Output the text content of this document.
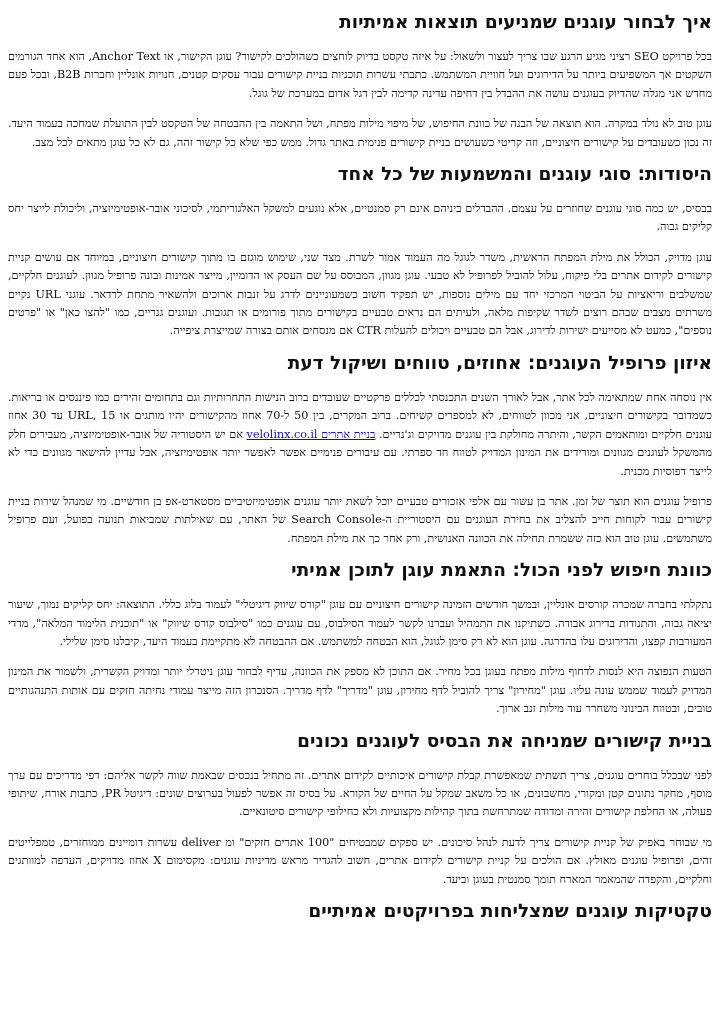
איך לבחור עוגנים שמניעים תוצאות אמיתיות

בכל פרויקט SEO רציני מגיע הרגע שבו צריך לעצור ולשאול: על איזה טקסט בדיוק לוחצים כשהולכים לקישור? עוגן הקישור, או Anchor Text, הוא אחד הגורמים השקטים אך המשפיעים ביותר על הדירוגים ועל חוויית המשתמש. כתבתי עשרות תוכניות בניית קישורים עבור עסקים קטנים, חנויות אונליין וחברות B2B, ובכל פעם מחדש אני מגלה שהדיוק בעוגנים עושה את ההבדל בין דחיפה עדינה קדימה לבין דגל אדום במערכת של גוגל.

עוגן טוב לא נולד במקרה. הוא תוצאה של הבנה של כוונת החיפוש, של מיפוי מילות מפתח, ושל התאמה בין ההבטחה של הטקסט לבין התועלת שמחכה בעמוד היעד. זה נכון כשעובדים על קישורים חיצוניים, וזה קריטי כשעושים בניית קישורים פנימית באתר גדול. ממש כפי שלא כל קישור זהה, גם לא כל עוגן מתאים לכל מצב.

היסודות: סוגי עוגנים והמשמעות של כל אחד

בבסיס, יש כמה סוגי עוגנים שחוזרים על עצמם. ההבדלים ביניהם אינם רק סמנטיים, אלא נוגעים למשקל האלגוריתמי, לסיכוני אובר-אופטימיזציה, וליכולת לייצר יחס קליקים גבוה.

עוגן מדויק, הכולל את מילת המפתח הראשית, משדר לגוגל מה העמוד אמור לשרת. מצד שני, שימוש מוגזם בו מתוך קישורים חיצוניים, במיוחד אם עושים קניית קישורים לקידום אתרים בלי פיקוח, עלול להוביל לפרופיל לא טבעי. עוגן מגוון, המבוסס על שם העסק או הדומיין, מייצר אמינות ובונה פרופיל מגוון. לעוגנים חלקיים, שמשלבים וריאציות על הביטוי המרכזי יחד עם מילים נוספות, יש תפקיד חשוב כשמעוניינים לדרג על זנבות ארוכים ולהשאיר מתחת לרדאר. עוגני URL נקיים משרתים מצבים שבהם רוצים לשדר שקיפות מלאה, ולעיתים הם נראים טבעיים בקישורים מתוך פורומים או תגובות. ועוגנים גנריים, כמו "להצו כאן" או "פרטים נוספים", כמעט לא מסייעים ישירות לדירוג, אבל הם טבעיים ויכולים להעלות CTR אם מנסחים אותם בצורה שמייצרת ציפייה.

איזון פרופיל העוגנים: אחוזים, טווחים ושיקול דעת

אין נוסחה אחת שמתאימה לכל אתר, אבל לאורך השנים התכנסתי לכללים פרקטיים שעובדים ברוב הנישות התחרותיות וגם בתחומים זהירים כמו פיננסים או בריאות. כשמדובר בקישורים חיצוניים, אני מכוון לטווחים, לא למספרים קשיחים. ברוב המקרים, בין 50 ל-70 אחוז מהקישורים יהיו מותגים או URL, 15 עד 30 אחוז עוגנים חלקיים ומותאמים הקשר, והיתרה מחולקת בין עוגנים מדויקים וג'נריים. בניית אתרים velolinx.co.il אם יש היסטוריה של אובר-אופטימיזציה, מעבירים חלק מהמשקל לעוגנים מגוונים ומורידים את המינון המדויק לטווח חד ספרתי. עם עיבורים פנימיים אפשר לאפשר יותר אופטימיזציה, אבל עדיין להישאר מגוונים כדי לא לייצר דפוסיות מכנית.

פרופיל עוגנים הוא תוצר של זמן. אתר בן עשור עם אלפי אזכורים טבעיים יוכל לשאת יותר עוגנים אופטימיזטיביים מסטארט-אפ בן חודשיים. מי שמנהל שירות בניית קישורים עבור לקוחות חייב להצליב את בחירת העוגנים עם היסטוריית ה-Search Console של האתר, עם שאילתות שמביאות תנועה בפועל, ועם פרופיל משתמשים. עוגן טוב הוא כזה ששמרת תחילה את הכוונה האנושית, ורק אחר כך את מילת המפתח.

כוונת חיפוש לפני הכול: התאמת עוגן לתוכן אמיתי

נתקלתי בחברה שמכרה קורסים אונליין, ובמשך חודשים הזמינה קישורים חיצוניים עם עוגן "קורס שיווק דיגיטלי" לעמוד בלוג כללי. התוצאה: יחס קליקים נמוך, שיעור יציאה גבוה, והתנודות בדירוג אבודה. כשתיקנו את התמהיל ועברנו לקשר לעמוד הסילבוס, עם עוגנים כמו "סילבוס קורס שיווק" או "תוכנית הלימוד המלאה", מדדי המעורבות קפצו, והדירוגים עלו בהדרגה. עוגן הוא לא רק סימן לגוגל, הוא הבטחה למשתמש. אם ההבטחה לא מתקיימת בעמוד היעד, קיבלנו סימן שלילי.

הטעות הנפוצה היא לנסות לדחוף מילות מפתח בעוגן בכל מחיר. אם התוכן לא מספק את הכוונה, עדיף לבחור עוגן ניטרלי יותר ומדויק הקשרית, ולשמור את המינון המדויק לעמוד שממש עונה עליו. עוגן "מחירון" צריך להוביל לדף מחירון, עוגן "מדריך" לדף מדריך. הסנכרון הזה מייצר עמודי נחיתה חזקים עם אותות התנהגותיים טובים, ובטווח הבינוני משחרר עוד מילות זנב ארוך.

בניית קישורים שמניחה את הבסיס לעוגנים נכונים

לפני שבכלל בוחרים עוגנים, צריך תשתית שמאפשרת קבלת קישורים איכותיים לקידום אתרים. זה מתחיל בנכסים שבאמת שווה לקשר אליהם: דפי מדריכים עם ערך מוסף, מחקר נתונים קטן ומקורי, מחשבונים, או כל משאב שמקל על החיים של הקורא. על בסיס זה אפשר לפעול בערוצים שונים: דיגיטל PR, כתבות אורח, שיתופי פעולה, או החלפת קישורים זהירה ומדודה שמתרחשת בתוך קהילות מקצועיות ולא כחילופי קישורים סיטונאיים.

מי שבוחר באפיק של קניית קישורים צריך לדעת לנהל סיכונים. יש ספקים שמבטיחים "100 אתרים חזקים" ומ deliver עשרות דומיינים ממוחזרים, טמפלייטים זהים, ופרופיל עוגנים מאולץ. אם הולכים על קניית קישורים לקידום אתרים, חשוב להגדיר מראש מדיניות עוגנים: מקסימום X אחוז מדויקים, העדפה למוותגים וחלקיים, והקפדה שהמאמר המארח תומך סמנטית בעוגן וביעד.

טקטיקות עוגנים שמצליחות בפרויקטים אמיתיים
